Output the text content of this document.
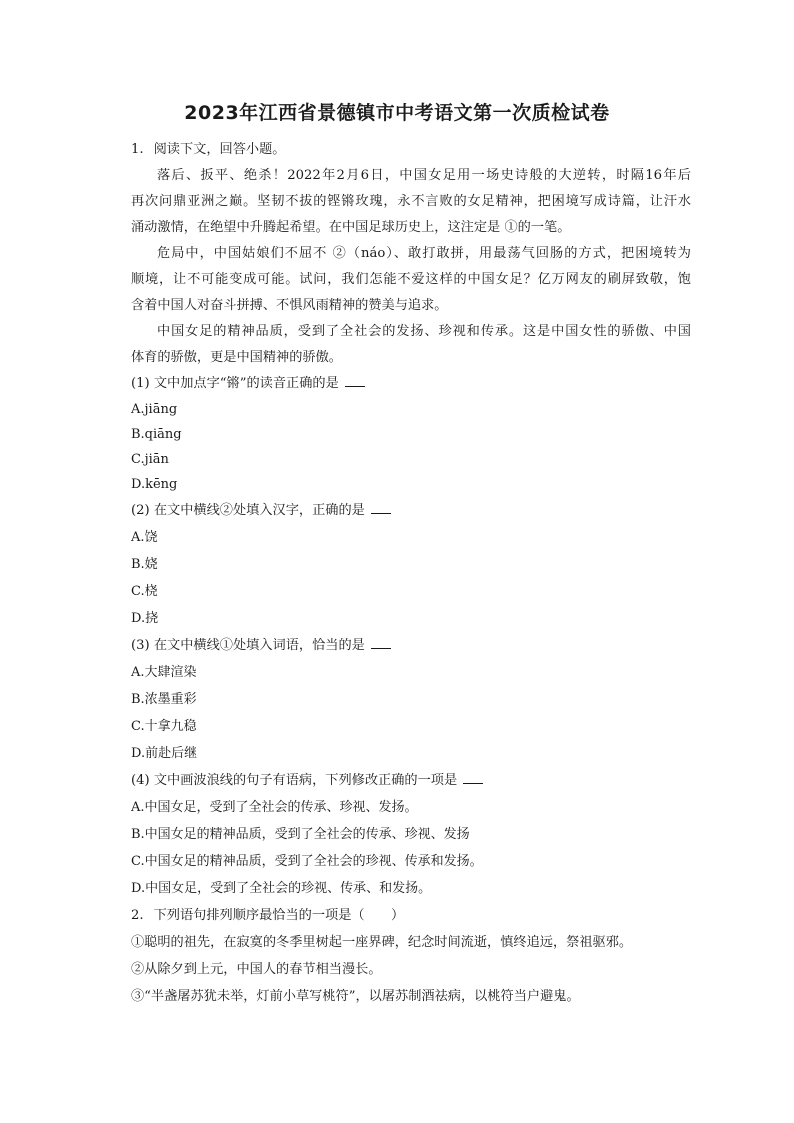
2023年江西省景德镇市中考语文第一次质检试卷
1. 阅读下文，回答小题。
落后、扳平、绝杀！2022年2月6日，中国女足用一场史诗般的大逆转，时隔16年后
再次问鼎亚洲之巅。坚韧不拔的铿锵玫瑰，永不言败的女足精神，把困境写成诗篇，让汗水
涌动激情，在绝望中升腾起希望。在中国足球历史上，这注定是 ①的一笔。
危局中，中国姑娘们不屈不 ②（náo）、敢打敢拼，用最荡气回肠的方式，把困境转为
顺境，让不可能变成可能。试问，我们怎能不爱这样的中国女足？亿万网友的刷屏致敬，饱
含着中国人对奋斗拼搏、不惧风雨精神的赞美与追求。
中国女足的精神品质，受到了全社会的发扬、珍视和传承。这是中国女性的骄傲、中国
体育的骄傲，更是中国精神的骄傲。
(1) 文中加点字“锵”的读音正确的是
A.jiāng
B.qiāng
C.jiān
D.kēng
(2) 在文中横线②处填入汉字，正确的是
A.饶
B.娆
C.桡
D.挠
(3) 在文中横线①处填入词语，恰当的是
A.大肆渲染
B.浓墨重彩
C.十拿九稳
D.前赴后继
(4) 文中画波浪线的句子有语病，下列修改正确的一项是
A.中国女足，受到了全社会的传承、珍视、发扬。
B.中国女足的精神品质，受到了全社会的传承、珍视、发扬
C.中国女足的精神品质，受到了全社会的珍视、传承和发扬。
D.中国女足，受到了全社会的珍视、传承、和发扬。
2. 下列语句排列顺序最恰当的一项是（　　）
①聪明的祖先，在寂寞的冬季里树起一座界碑，纪念时间流逝，慎终追远，祭祖驱邪。
②从除夕到上元，中国人的春节相当漫长。
③“半盏屠苏犹未举，灯前小草写桃符”，以屠苏制酒祛病，以桃符当户避鬼。
